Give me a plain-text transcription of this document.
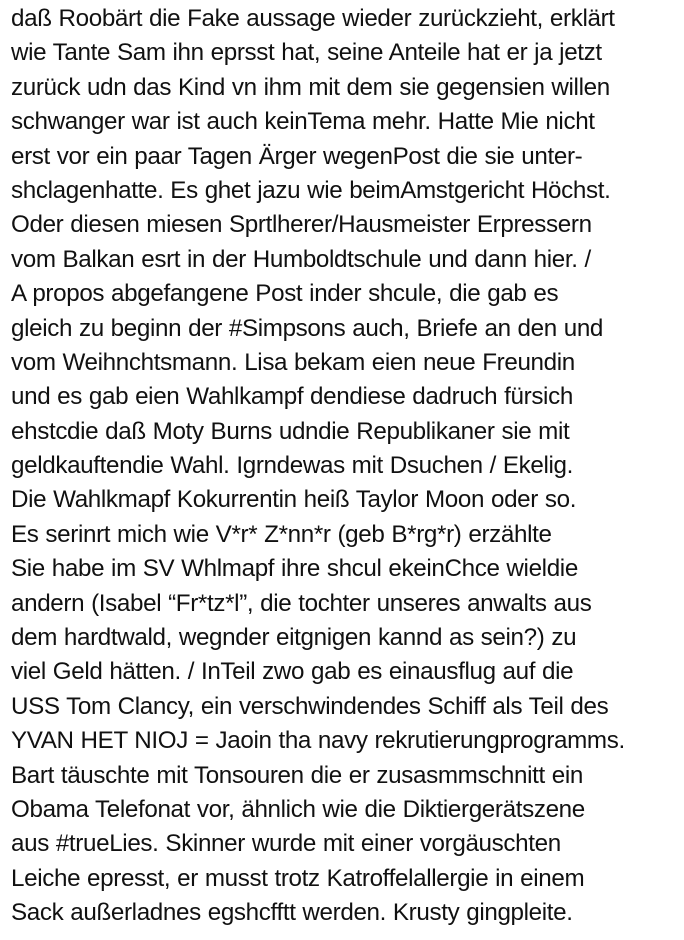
daß Roobärt die Fake aussage wieder zurückzieht, erklärt
wie Tante Sam ihn eprsst hat, seine Anteile hat er ja jetzt
zurück udn das Kind vn ihm mit dem sie gegensien willen
schwanger war ist auch keinTema mehr. Hatte Mie nicht
erst vor ein paar Tagen Ärger wegenPost die sie unter-
shclagenhatte. Es ghet jazu wie beimAmstgericht Höchst.
Oder diesen miesen Sprtlherer/Hausmeister Erpressern
vom Balkan esrt in der Humboldtschule und dann hier. /
A propos abgefangene Post inder shcule, die gab es
gleich zu beginn der #Simpsons auch, Briefe an den und
vom Weihnchtsmann. Lisa bekam eien neue Freundin
und es gab eien Wahlkampf dendiese dadruch fürsich
ehstcdie daß Moty Burns udndie Republikaner sie mit
geldkauftendie Wahl. Igrndewas mit Dsuchen / Ekelig.
Die Wahlkmapf Kokurrentin heiß Taylor Moon oder so.
Es serinrt mich wie V*r* Z*nn*r (geb B*rg*r) erzählte
Sie habe im SV Whlmapf ihre shcul ekeinChce wieldie
andern (Isabel “Fr*tz*l”, die tochter unseres anwalts aus
dem hardtwald, wegnder eitgnigen kannd as sein?) zu
viel Geld hätten. / InTeil zwo gab es einausflug auf die
USS Tom Clancy, ein verschwindendes Schiff als Teil des
YVAN HET NIOJ = Jaoin tha navy rekrutierungprogramms.
Bart täuschte mit Tonsouren die er zusasmmschnitt ein
Obama Telefonat vor, ähnlich wie die Diktiergerätszene
aus #trueLies. Skinner wurde mit einer vorgäuschten
Leiche epresst, er musst trotz Katroffelallergie in einem
Sack außerladnes egshcfftt werden. Krusty gingpleite.
